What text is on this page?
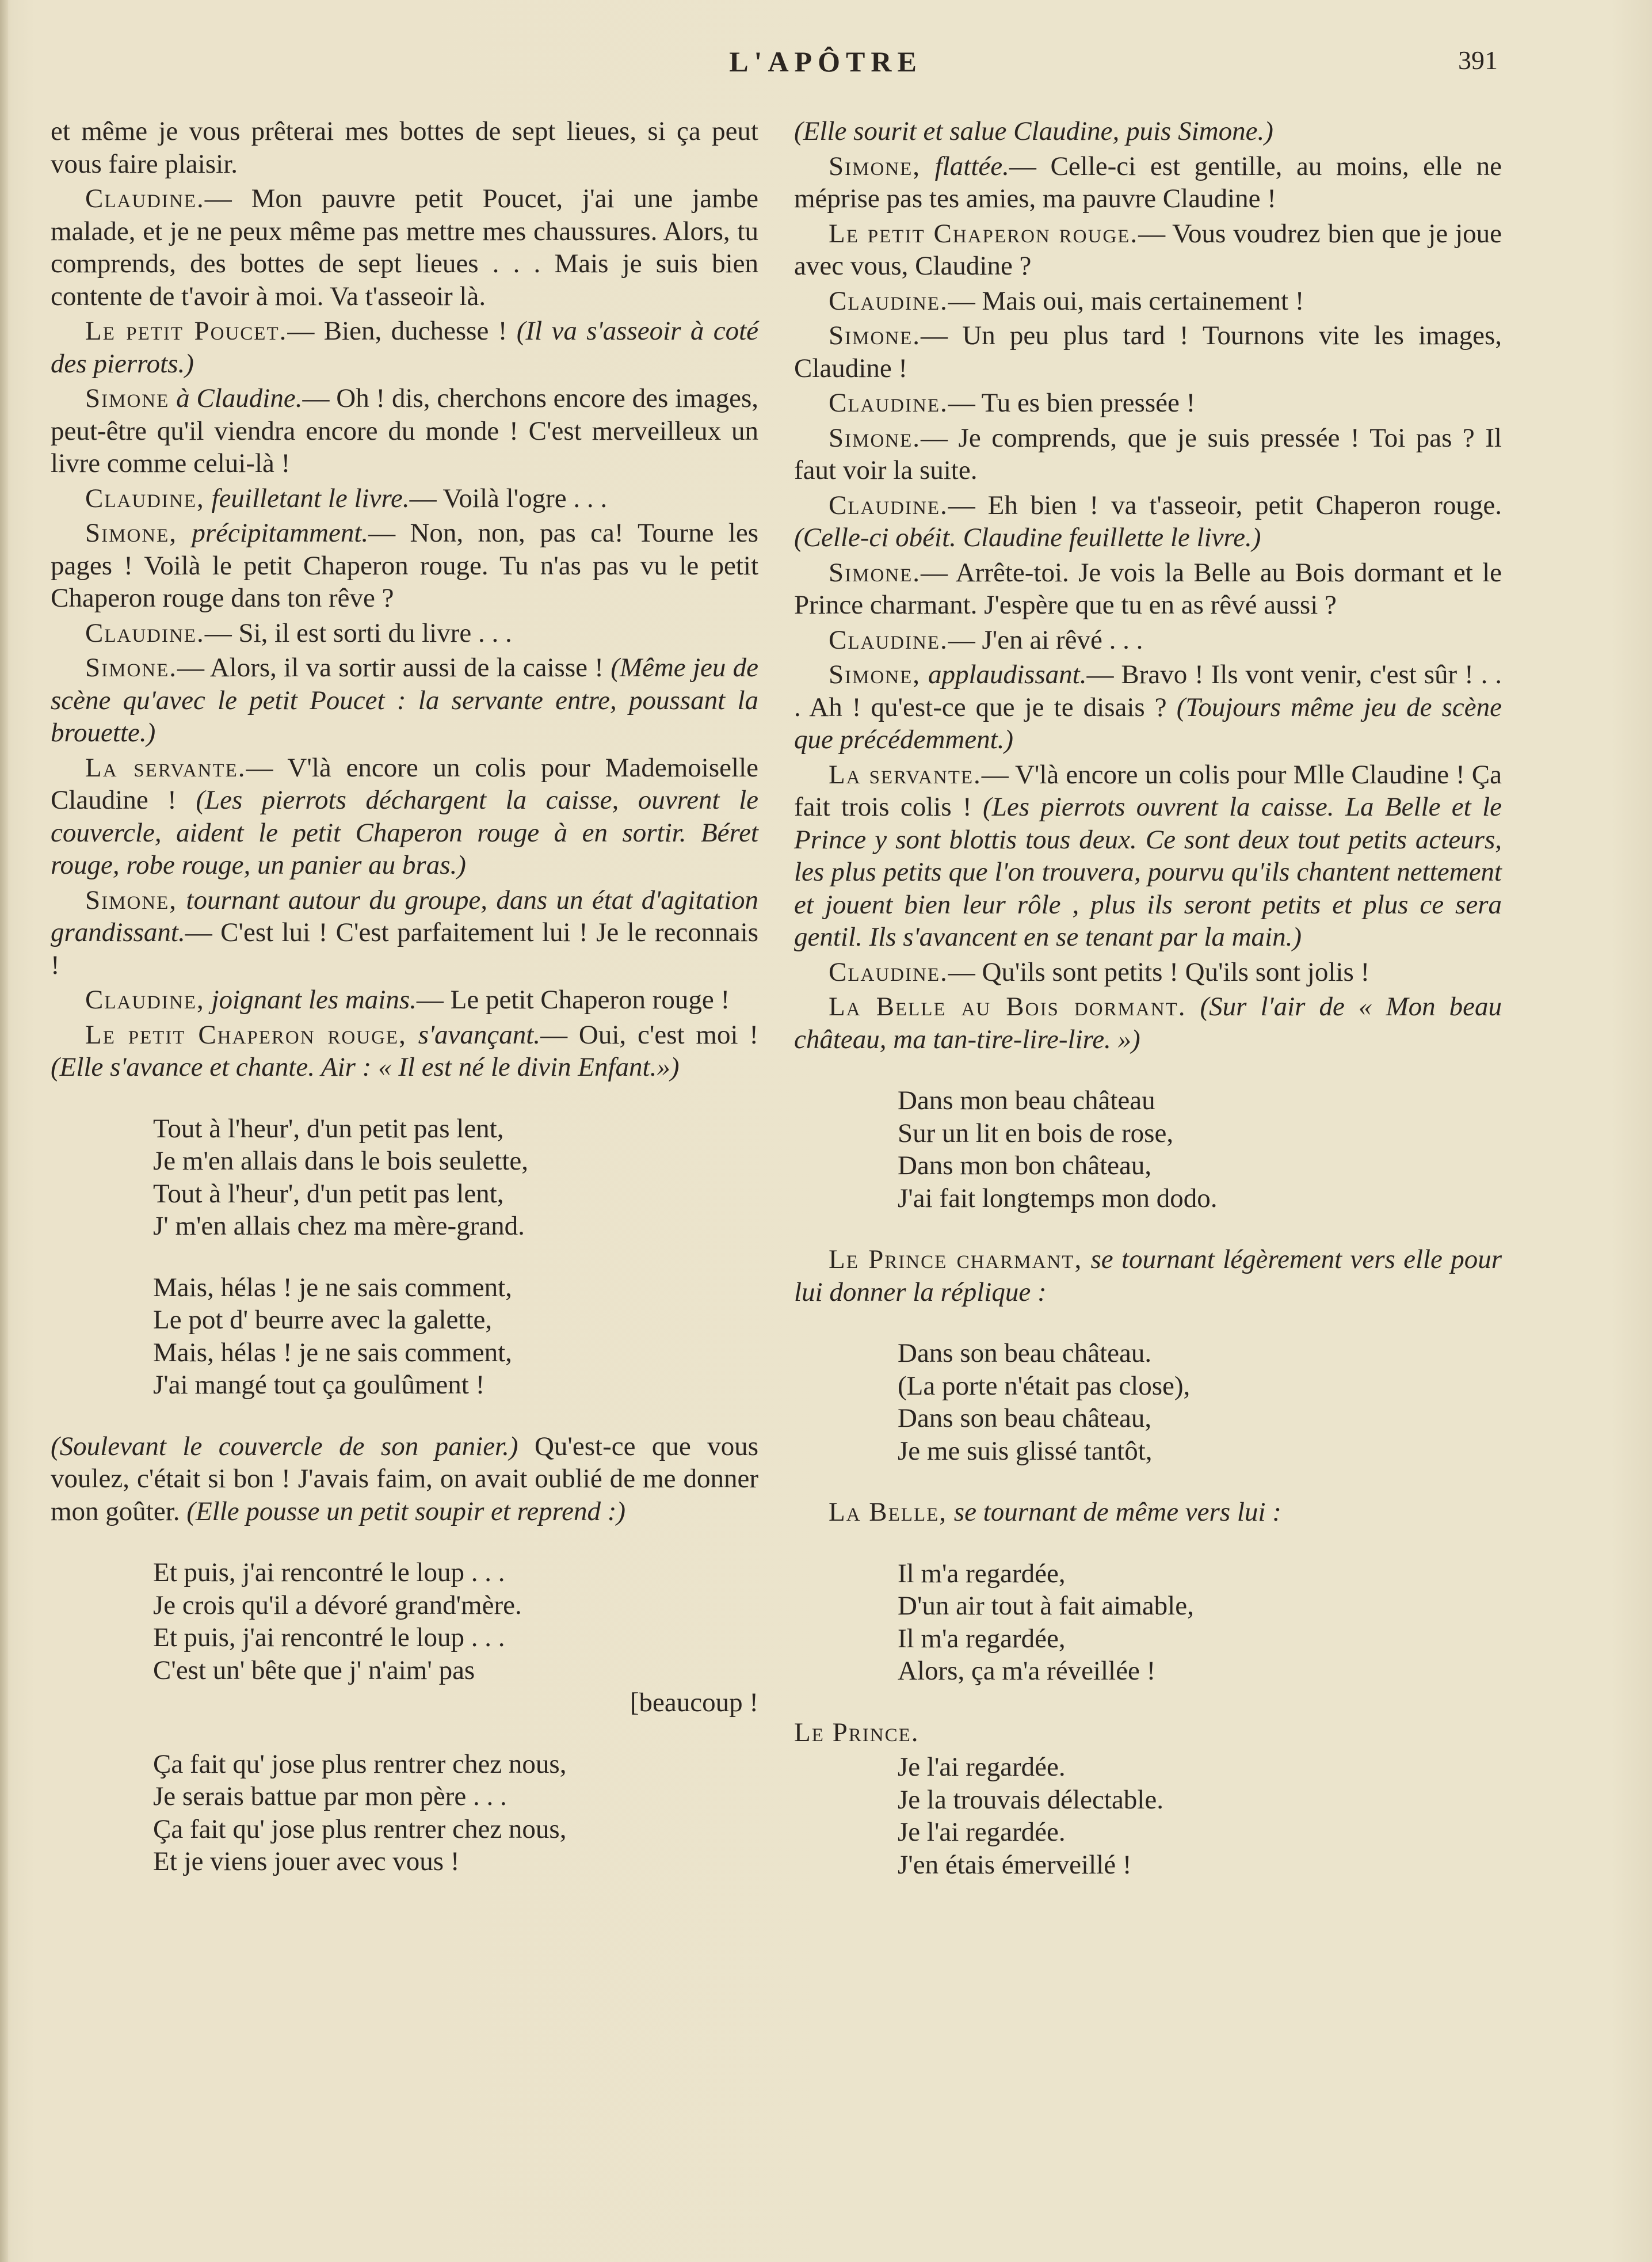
L'APÔTRE	391

et même je vous prêterai mes bottes de sept lieues, si ça peut vous faire plaisir.

Claudine.— Mon pauvre petit Poucet, j'ai une jambe malade, et je ne peux même pas mettre mes chaussures. Alors, tu comprends, des bottes de sept lieues . . . Mais je suis bien contente de t'avoir à moi. Va t'asseoir là.

Le petit Poucet.— Bien, duchesse ! (Il va s'asseoir à coté des pierrots.)

Simone à Claudine.— Oh ! dis, cherchons encore des images, peut-être qu'il viendra encore du monde ! C'est merveilleux un livre comme celui-là !

Claudine, feuilletant le livre.— Voilà l'ogre . . .

Simone, précipitamment.— Non, non, pas ca! Tourne les pages ! Voilà le petit Chaperon rouge. Tu n'as pas vu le petit Chaperon rouge dans ton rêve ?

Claudine.— Si, il est sorti du livre . . .

Simone.— Alors, il va sortir aussi de la caisse ! (Même jeu de scène qu'avec le petit Poucet : la servante entre, poussant la brouette.)

La servante.— V'là encore un colis pour Mademoiselle Claudine ! (Les pierrots déchargent la caisse, ouvrent le couvercle, aident le petit Chaperon rouge à en sortir. Béret rouge, robe rouge, un panier au bras.)

Simone, tournant autour du groupe, dans un état d'agitation grandissant.— C'est lui ! C'est parfaitement lui ! Je le reconnais !

Claudine, joignant les mains.— Le petit Chaperon rouge !

Le petit Chaperon rouge, s'avançant.— Oui, c'est moi ! (Elle s'avance et chante. Air : « Il est né le divin Enfant.»)

Tout à l'heur', d'un petit pas lent,
Je m'en allais dans le bois seulette,
Tout à l'heur', d'un petit pas lent,
J' m'en allais chez ma mère-grand.
Mais, hélas ! je ne sais comment,
Le pot d' beurre avec la galette,
Mais, hélas ! je ne sais comment,
J'ai mangé tout ça goulûment !

(Soulevant le couvercle de son panier.) Qu'est-ce que vous voulez, c'était si bon ! J'avais faim, on avait oublié de me donner mon goûter. (Elle pousse un petit soupir et reprend :)

Et puis, j'ai rencontré le loup . . .
Je crois qu'il a dévoré grand'mère.
Et puis, j'ai rencontré le loup . . .
C'est un' bête que j' n'aim' pas
[beaucoup !
Ça fait qu' jose plus rentrer chez nous,
Je serais battue par mon père . . .
Ça fait qu' jose plus rentrer chez nous,
Et je viens jouer avec vous !

(Elle sourit et salue Claudine, puis Simone.)

Simone, flattée.— Celle-ci est gentille, au moins, elle ne méprise pas tes amies, ma pauvre Claudine !

Le petit Chaperon rouge.— Vous voudrez bien que je joue avec vous, Claudine ?

Claudine.— Mais oui, mais certainement !

Simone.— Un peu plus tard ! Tournons vite les images, Claudine !

Claudine.— Tu es bien pressée !

Simone.— Je comprends, que je suis pressée ! Toi pas ? Il faut voir la suite.

Claudine.— Eh bien ! va t'asseoir, petit Chaperon rouge. (Celle-ci obéit. Claudine feuillette le livre.)

Simone.— Arrête-toi. Je vois la Belle au Bois dormant et le Prince charmant. J'espère que tu en as rêvé aussi ?

Claudine.— J'en ai rêvé . . .

Simone, applaudissant.— Bravo ! Ils vont venir, c'est sûr ! . . . Ah ! qu'est-ce que je te disais ? (Toujours même jeu de scène que précédemment.)

La servante.— V'là encore un colis pour Mlle Claudine ! Ça fait trois colis ! (Les pierrots ouvrent la caisse. La Belle et le Prince y sont blottis tous deux. Ce sont deux tout petits acteurs, les plus petits que l'on trouvera, pourvu qu'ils chantent nettement et jouent bien leur rôle , plus ils seront petits et plus ce sera gentil. Ils s'avancent en se tenant par la main.)

Claudine.— Qu'ils sont petits ! Qu'ils sont jolis !

La Belle au Bois dormant. (Sur l'air de « Mon beau château, ma tan-tire-lire-lire. »)

Dans mon beau château
Sur un lit en bois de rose,
Dans mon bon château,
J'ai fait longtemps mon dodo.

Le Prince charmant, se tournant légèrement vers elle pour lui donner la réplique :

Dans son beau château.
(La porte n'était pas close),
Dans son beau château,
Je me suis glissé tantôt,

La Belle, se tournant de même vers lui :

Il m'a regardée,
D'un air tout à fait aimable,
Il m'a regardée,
Alors, ça m'a réveillée !

Le Prince.

Je l'ai regardée.
Je la trouvais délectable.
Je l'ai regardée.
J'en étais émerveillé !
